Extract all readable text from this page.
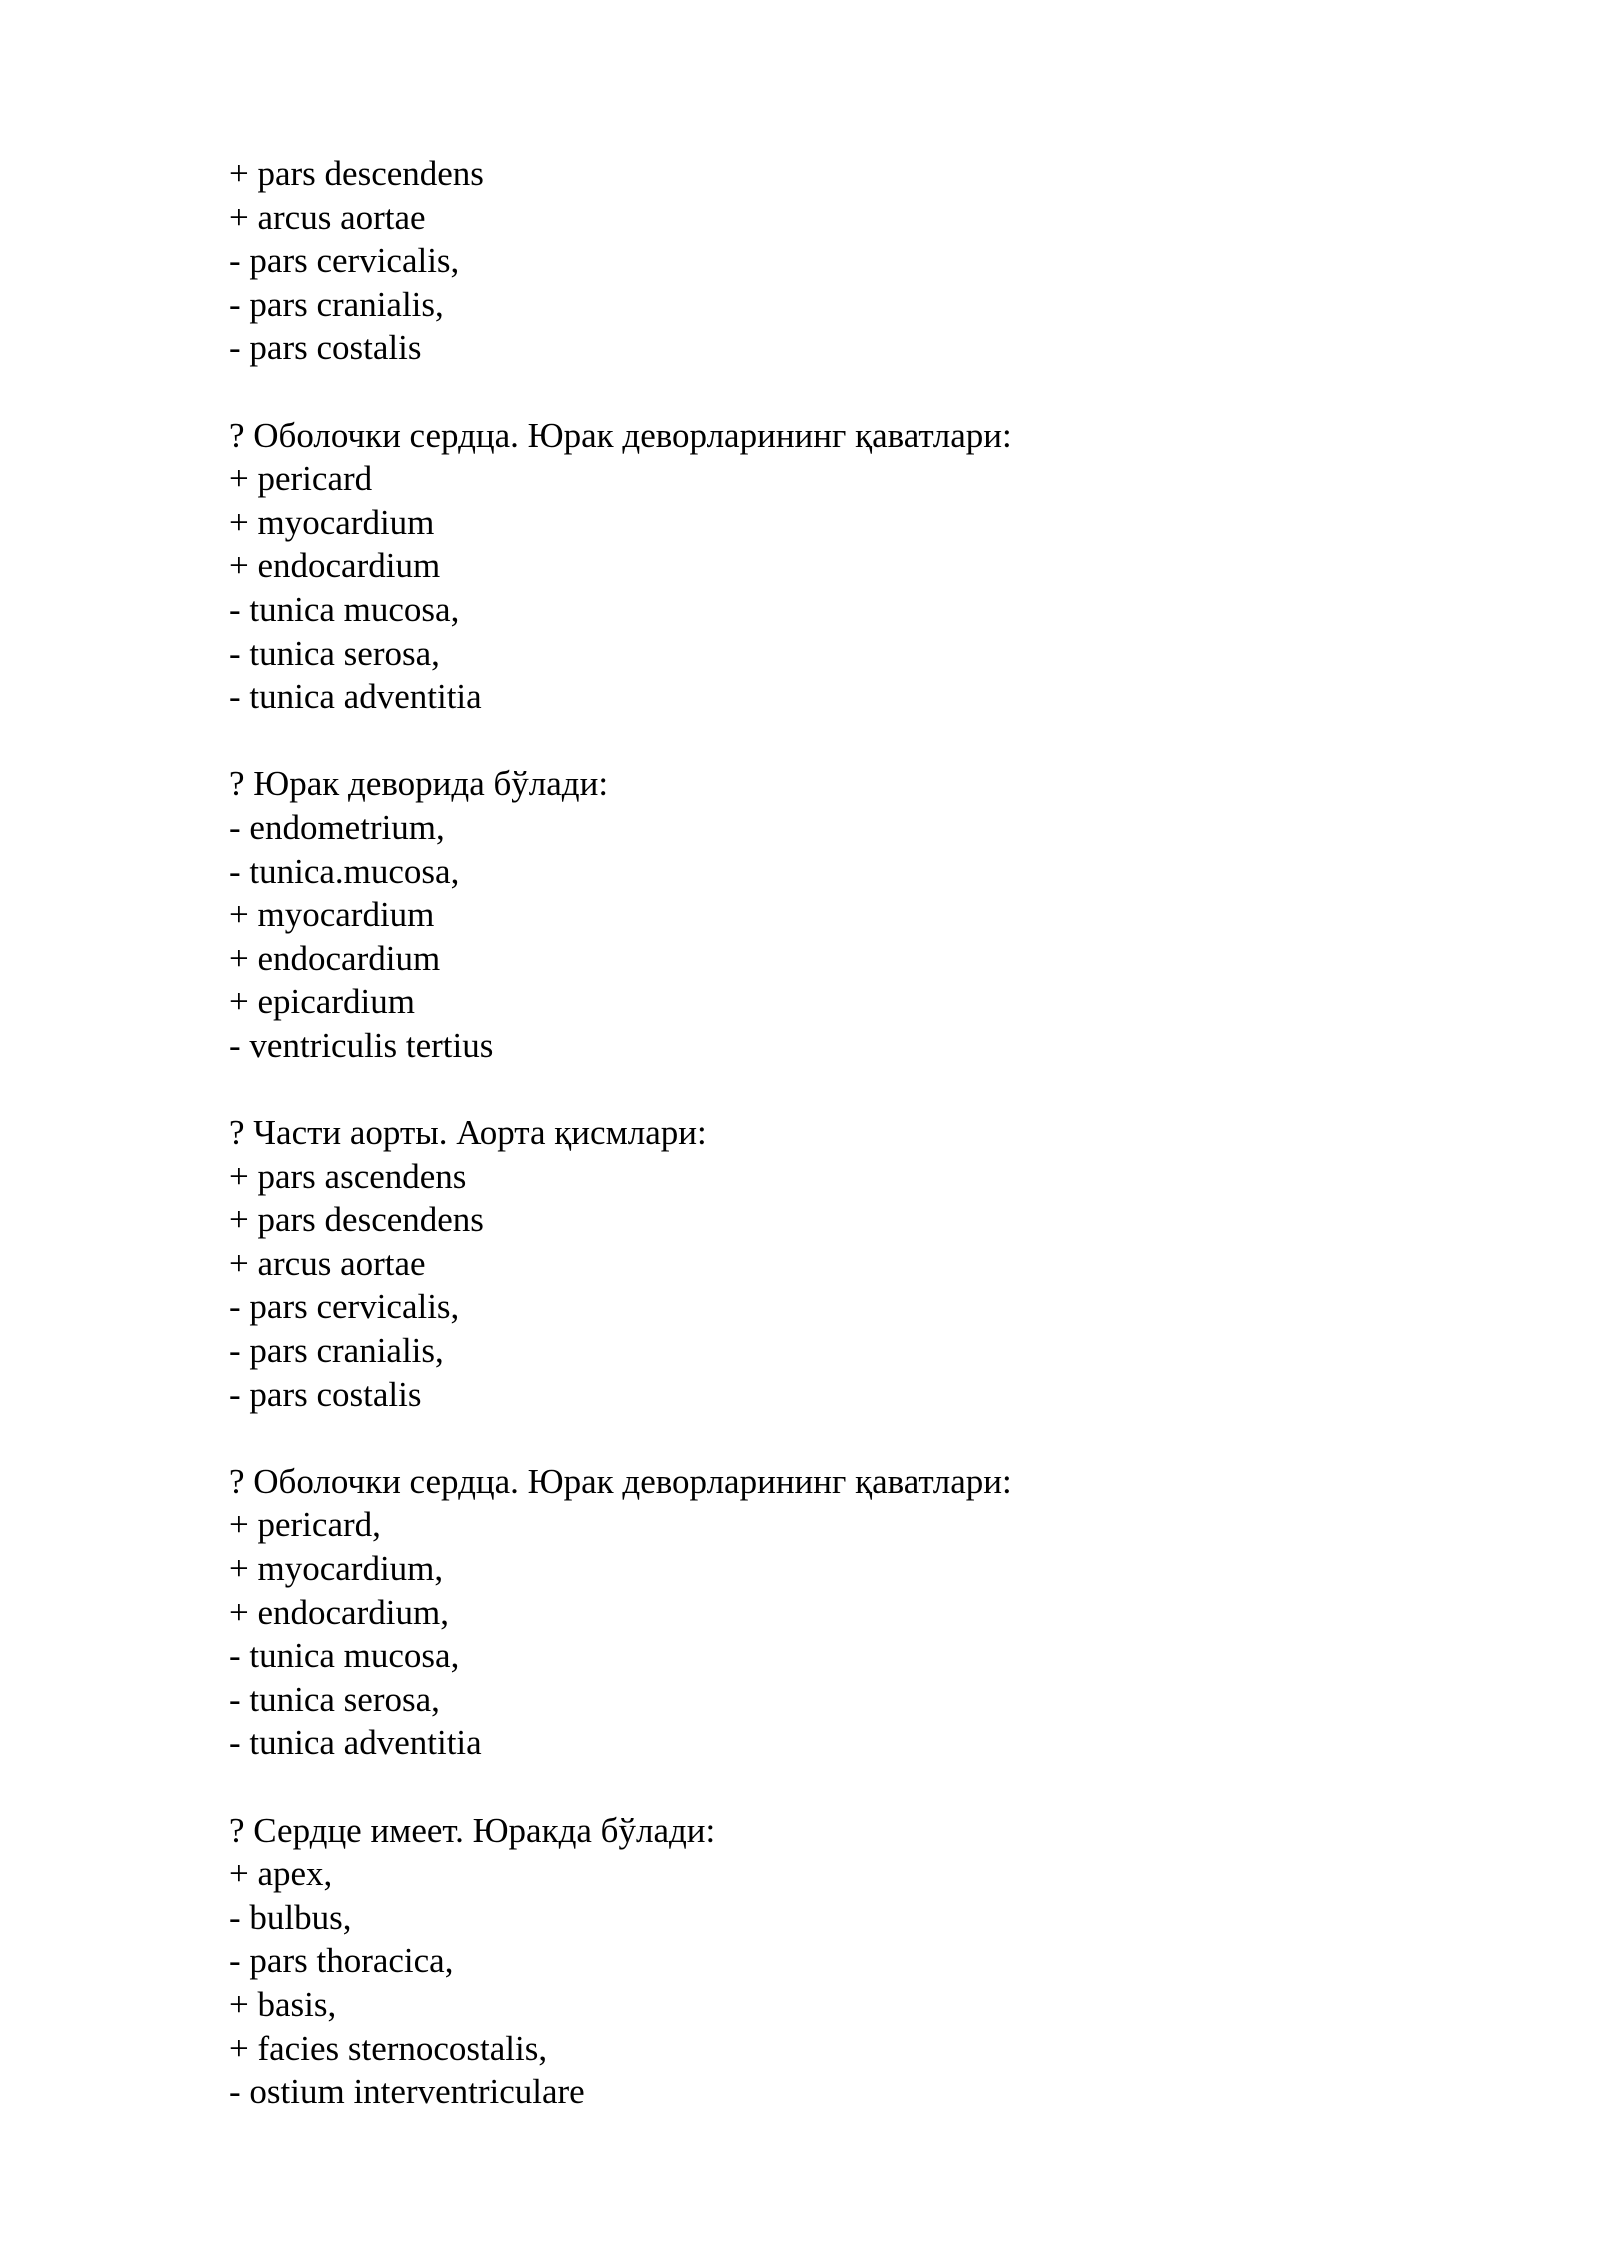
+ pars descendens
+ arcus aortae
- pars cervicalis,
- pars cranialis,
- pars costalis
? Оболочки сердца. Юрак деворларининг қаватлари:
+ pericard
+ myocardium
+ endocardium
- tunica mucosa,
- tunica serosa,
- tunica adventitia
? Юрак деворида бўлади:
- endometrium,
- tunica.mucosa,
+ myocardium
+ endocardium
+ epicardium
- ventriculis tertius
? Части аорты. Аорта қисмлари:
+ pars ascendens
+ pars descendens
+ arcus aortae
- pars cervicalis,
- pars cranialis,
- pars costalis
? Оболочки сердца. Юрак деворларининг қаватлари:
+ pericard,
+ myocardium,
+ endocardium,
- tunica mucosa,
- tunica serosa,
- tunica adventitia
? Сердце имеет. Юракда бўлади:
+ apex,
- bulbus,
- pars thoracica,
+ basis,
+ facies sternocostalis,
- ostium interventriculare
